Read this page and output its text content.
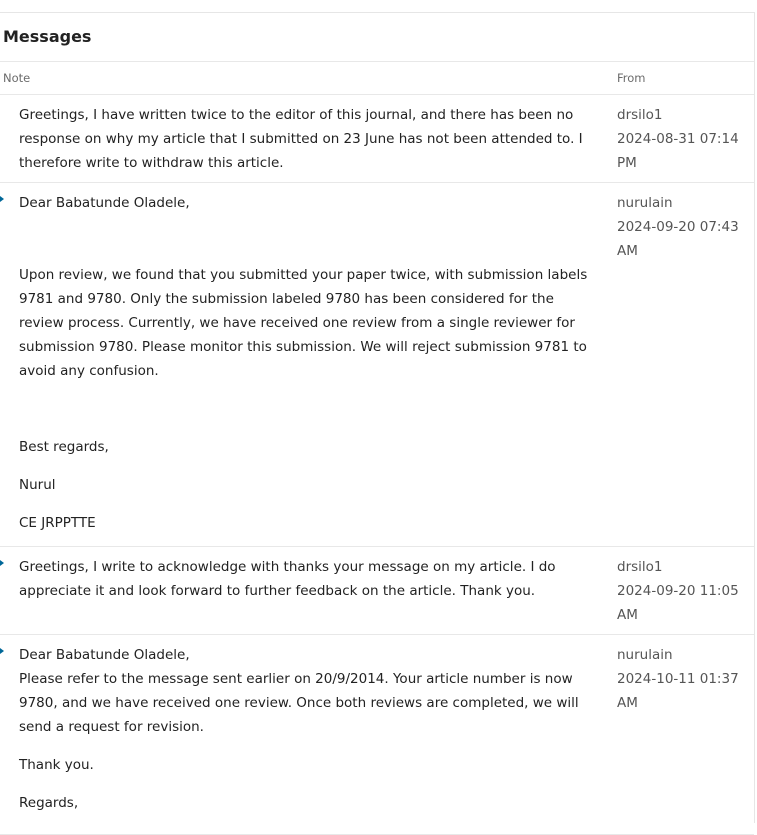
Messages
Note	From

Greetings, I have written twice to the editor of this journal, and there has been no response on why my article that I submitted on 23 June has not been attended to. I therefore write to withdraw this article.

drsilo1
2024-08-31 07:14 PM

Dear Babatunde Oladele,

Upon review, we found that you submitted your paper twice, with submission labels 9781 and 9780. Only the submission labeled 9780 has been considered for the review process. Currently, we have received one review from a single reviewer for submission 9780. Please monitor this submission. We will reject submission 9781 to avoid any confusion.

Best regards,

Nurul

CE JRPPTTE

nurulain
2024-09-20 07:43 AM

Greetings, I write to acknowledge with thanks your message on my article. I do appreciate it and look forward to further feedback on the article. Thank you.

drsilo1
2024-09-20 11:05 AM

Dear Babatunde Oladele,

Please refer to the message sent earlier on 20/9/2014. Your article number is now 9780, and we have received one review. Once both reviews are completed, we will send a request for revision.

Thank you.

Regards,

nurulain
2024-10-11 01:37 AM
